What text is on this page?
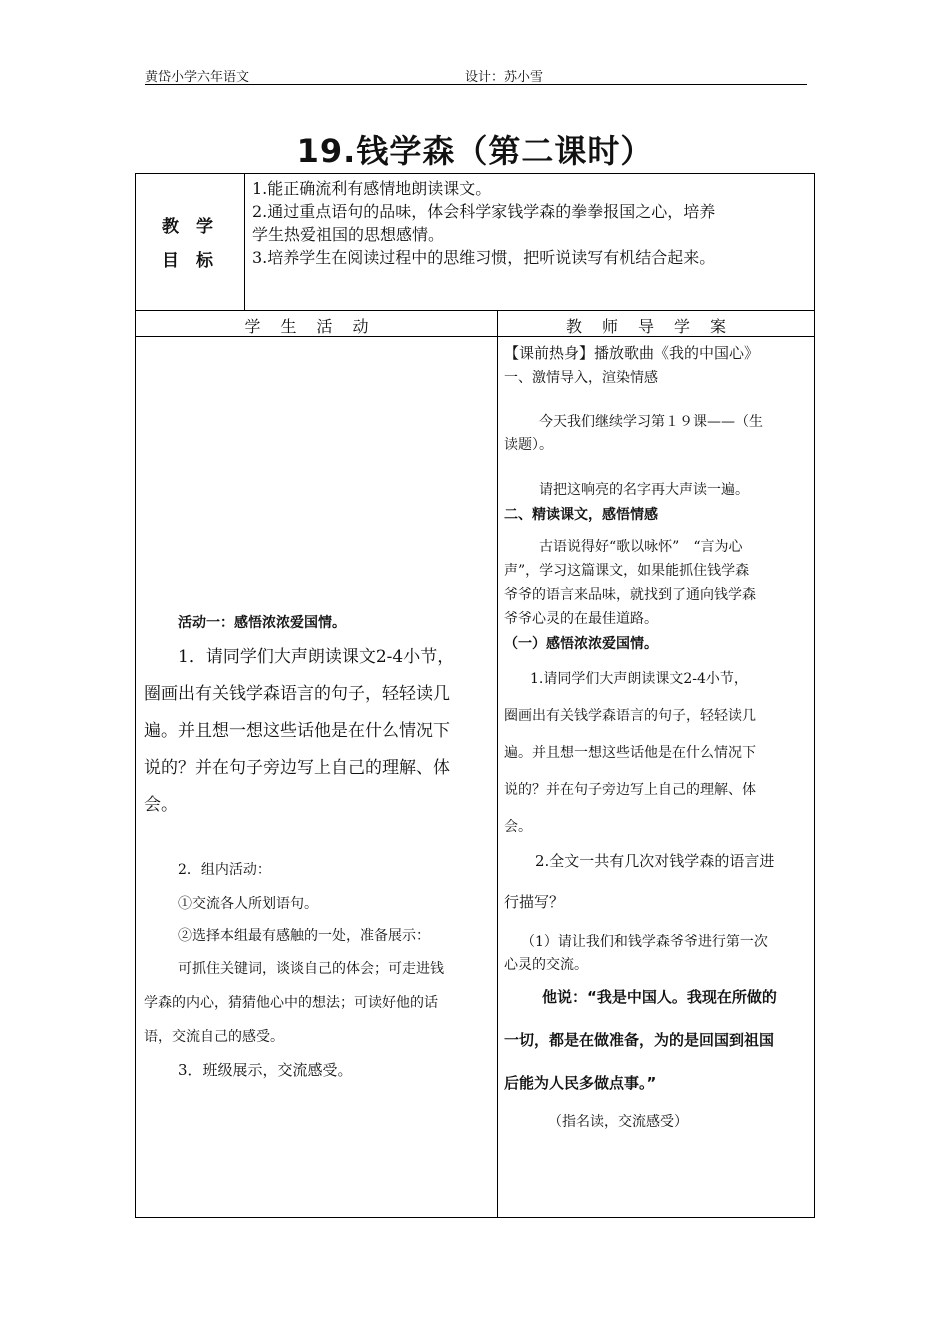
黄岱小学六年语文	设计：苏小雪
19.钱学森（第二课时）
教　学
目　标

1.能正确流利有感情地朗读课文。

2.通过重点语句的品味，体会科学家钱学森的拳拳报国之心，培养

学生热爱祖国的思想感情。

3.培养学生在阅读过程中的思维习惯，把听说读写有机结合起来。

学生活动	教师导学案
活动一：感悟浓浓爱国情。
1．请同学们大声朗读课文2-4小节，
圈画出有关钱学森语言的句子，轻轻读几
遍。并且想一想这些话他是在什么情况下
说的？并在句子旁边写上自己的理解、体
会。
2．组内活动：
①交流各人所划语句。
②选择本组最有感触的一处，准备展示：
可抓住关键词，谈谈自己的体会；可走进钱
学森的内心，猜猜他心中的想法；可读好他的话
语，交流自己的感受。
3．班级展示，交流感受。
【课前热身】播放歌曲《我的中国心》
一、激情导入，渲染情感
今天我们继续学习第１９课——（生
读题）。
请把这响亮的名字再大声读一遍。
二、精读课文，感悟情感
古语说得好“歌以咏怀”　“言为心
声”，学习这篇课文，如果能抓住钱学森
爷爷的语言来品味，就找到了通向钱学森
爷爷心灵的在最佳道路。
（一）感悟浓浓爱国情。
1.请同学们大声朗读课文2-4小节，
圈画出有关钱学森语言的句子，轻轻读几
遍。并且想一想这些话他是在什么情况下
说的？并在句子旁边写上自己的理解、体
会。
2.全文一共有几次对钱学森的语言进
行描写？
（1）请让我们和钱学森爷爷进行第一次
心灵的交流。
他说：“我是中国人。我现在所做的
一切，都是在做准备，为的是回国到祖国
后能为人民多做点事。”
（指名读，交流感受）
